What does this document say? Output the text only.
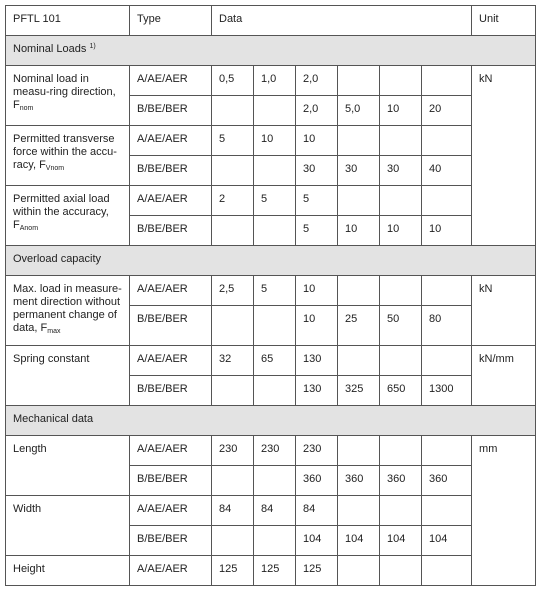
PFTL 101	Type	Data						Unit
Nominal Loads $^{1)}$
Nominal load in measu-ring direction, $F_{nom}$	A/AE/AER	0,5	1,0	2,0				kN
	B/BE/BER			2,0	5,0	10	20	
Permitted transverse force within the accu-racy, $F_{Vnom}$	A/AE/AER	5	10	10				
	B/BE/BER			30	30	30	40	
Permitted axial load within the accuracy, $F_{Anom}$	A/AE/AER	2	5	5				
	B/BE/BER			5	10	10	10	
Overload capacity								
Max. load in measure-ment direction without permanent change of data, $F_{max}$	A/AE/AER	2,5	5	10				kN
	B/BE/BER			10	25	50	80	
Spring constant	A/AE/AER	32	65	130				kN/mm
	B/BE/BER			130	325	650	1300	
Mechanical data								
Length	A/AE/AER	230	230	230				mm
	B/BE/BER			360	360	360	360	
Width	A/AE/AER	84	84	84				
	B/BE/BER			104	104	104	104	
Height	A/AE/AER	125	125	125				
